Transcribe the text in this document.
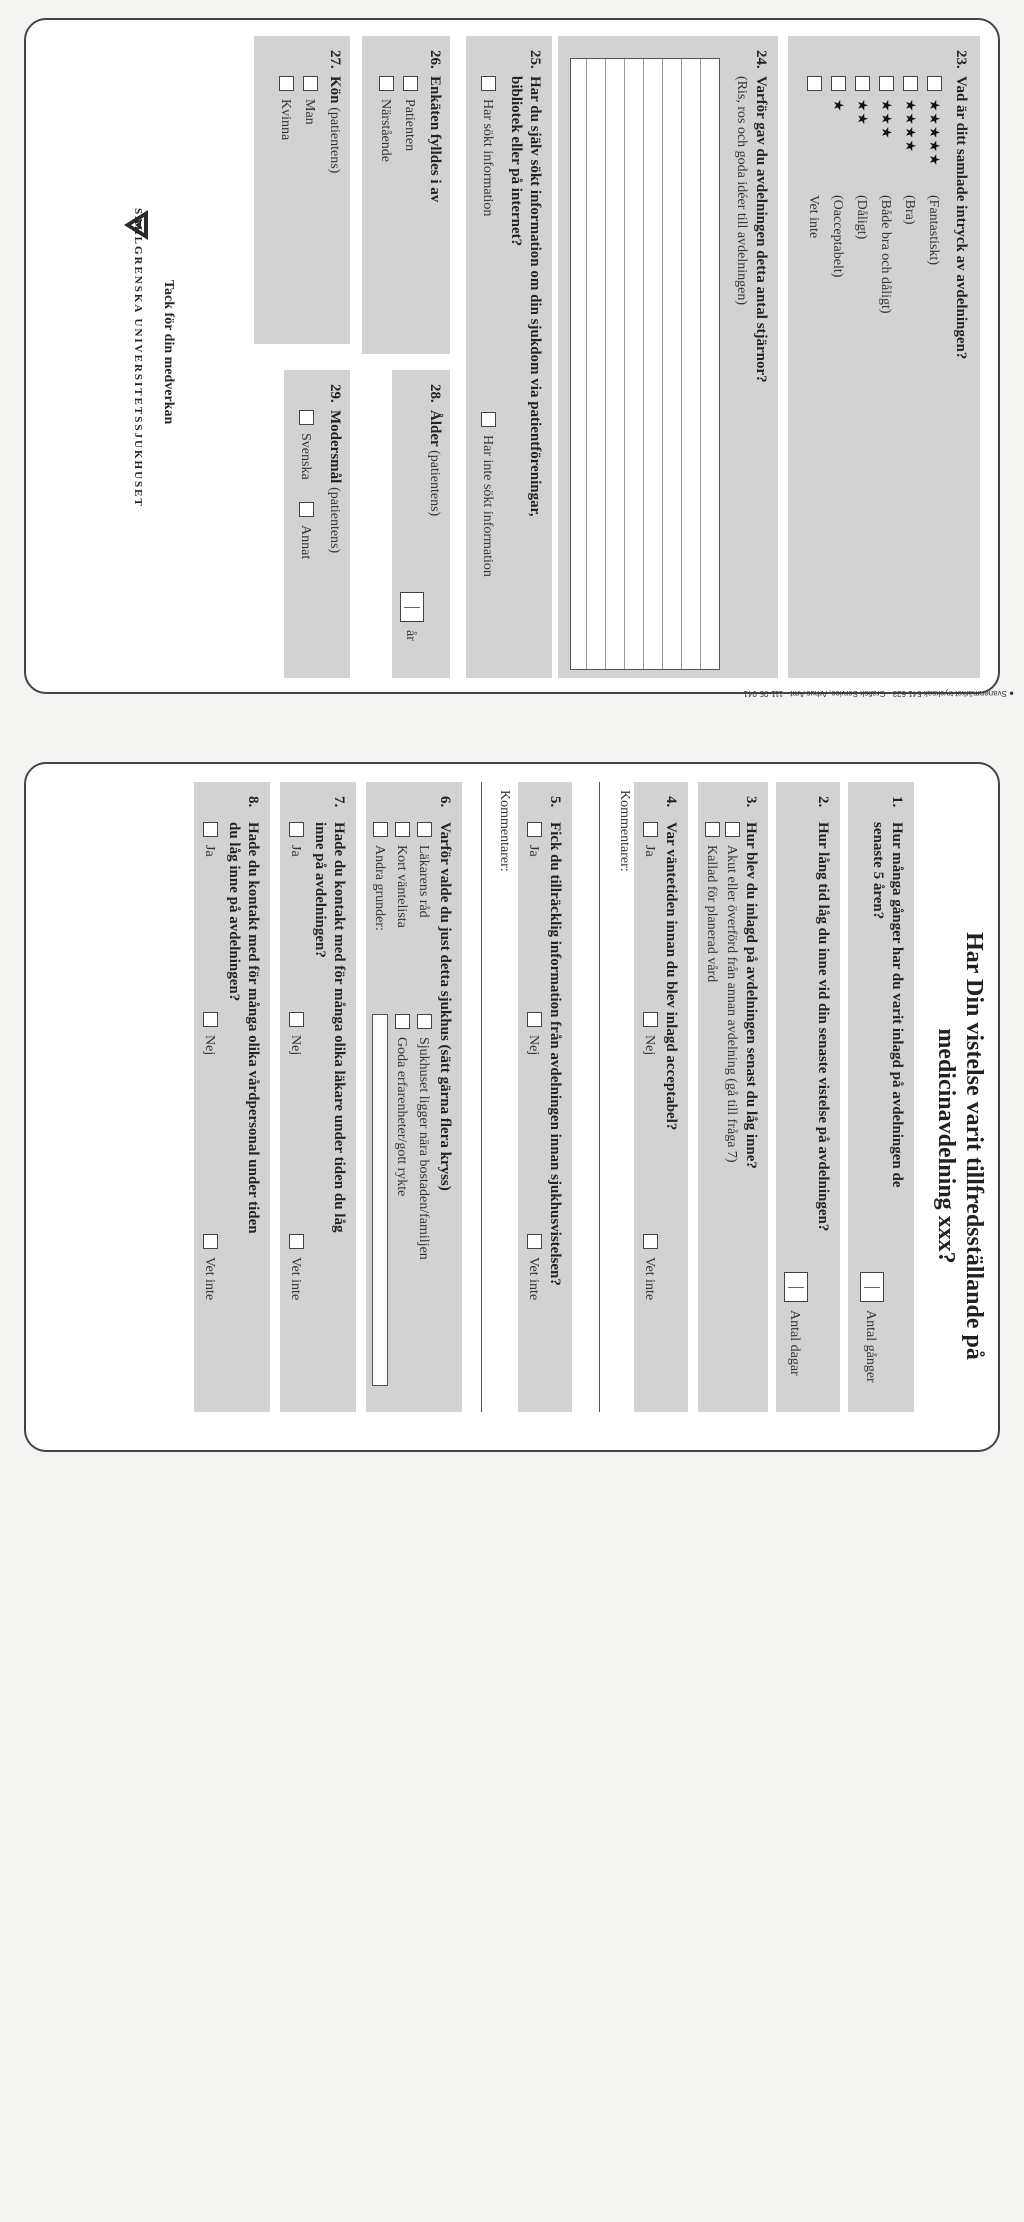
23.Vad är ditt samlade intryck av avdelningen?
★★★★★(Fantastiskt)
★★★★(Bra)
★★★(Både bra och dåligt)
★★(Dåligt)
★(Oacceptabelt)
Vet inte
24.Varför gav du avdelningen detta antal stjärnor?
(Ris, ros och goda idéer till avdelningen)
25.Har du själv sökt information om din sjukdom via patientföreningar,
bibliotek eller på internet?
Har sökt information
Har inte sökt information
26.Enkäten fylldes i av
Patienten
Närstående
28.Ålder (patientens)
år
27.Kön (patientens)
Man
Kvinna
29.Modersmål (patientens)
Svenska
Annat
Tack för din medverkan
SAHLGRENSKA UNIVERSITETSSJUKHUSET
● Svanenmärket trycksak 541 623 · Grafisk Service, Arhus Amt · 111-05-041
Har Din vistelse varit tillfredsställande på
medicinavdelning xxx?
1.Hur många gånger har du varit inlagd på avdelningen de
senaste 5 åren?
Antal gånger
2.Hur lång tid låg du inne vid din senaste vistelse på avdelningen?
Antal dagar
3.Hur blev du inlagd på avdelningen senast du låg inne?
Akut eller överförd från annan avdelning (gå till fråga 7)
Kallad för planerad vård
4.Var väntetiden innan du blev inlagd acceptabel?
Ja
Nej
Vet inte
Kommentarer:
5.Fick du tillräcklig information från avdelningen innan sjukhusvistelsen?
Ja
Nej
Vet inte
Kommentarer:
6.Varför valde du just detta sjukhus (sätt gärna flera kryss)
Läkarens råd
Sjukhuset ligger nära bostaden/familjen
Kort väntelista
Goda erfarenheter/gott rykte
Andra grunder:
7.Hade du kontakt med för många olika läkare under tiden du låg
inne på avdelningen?
Ja
Nej
Vet inte
8.Hade du kontakt med för många olika vårdpersonal under tiden
du låg inne på avdelningen?
Ja
Nej
Vet inte
